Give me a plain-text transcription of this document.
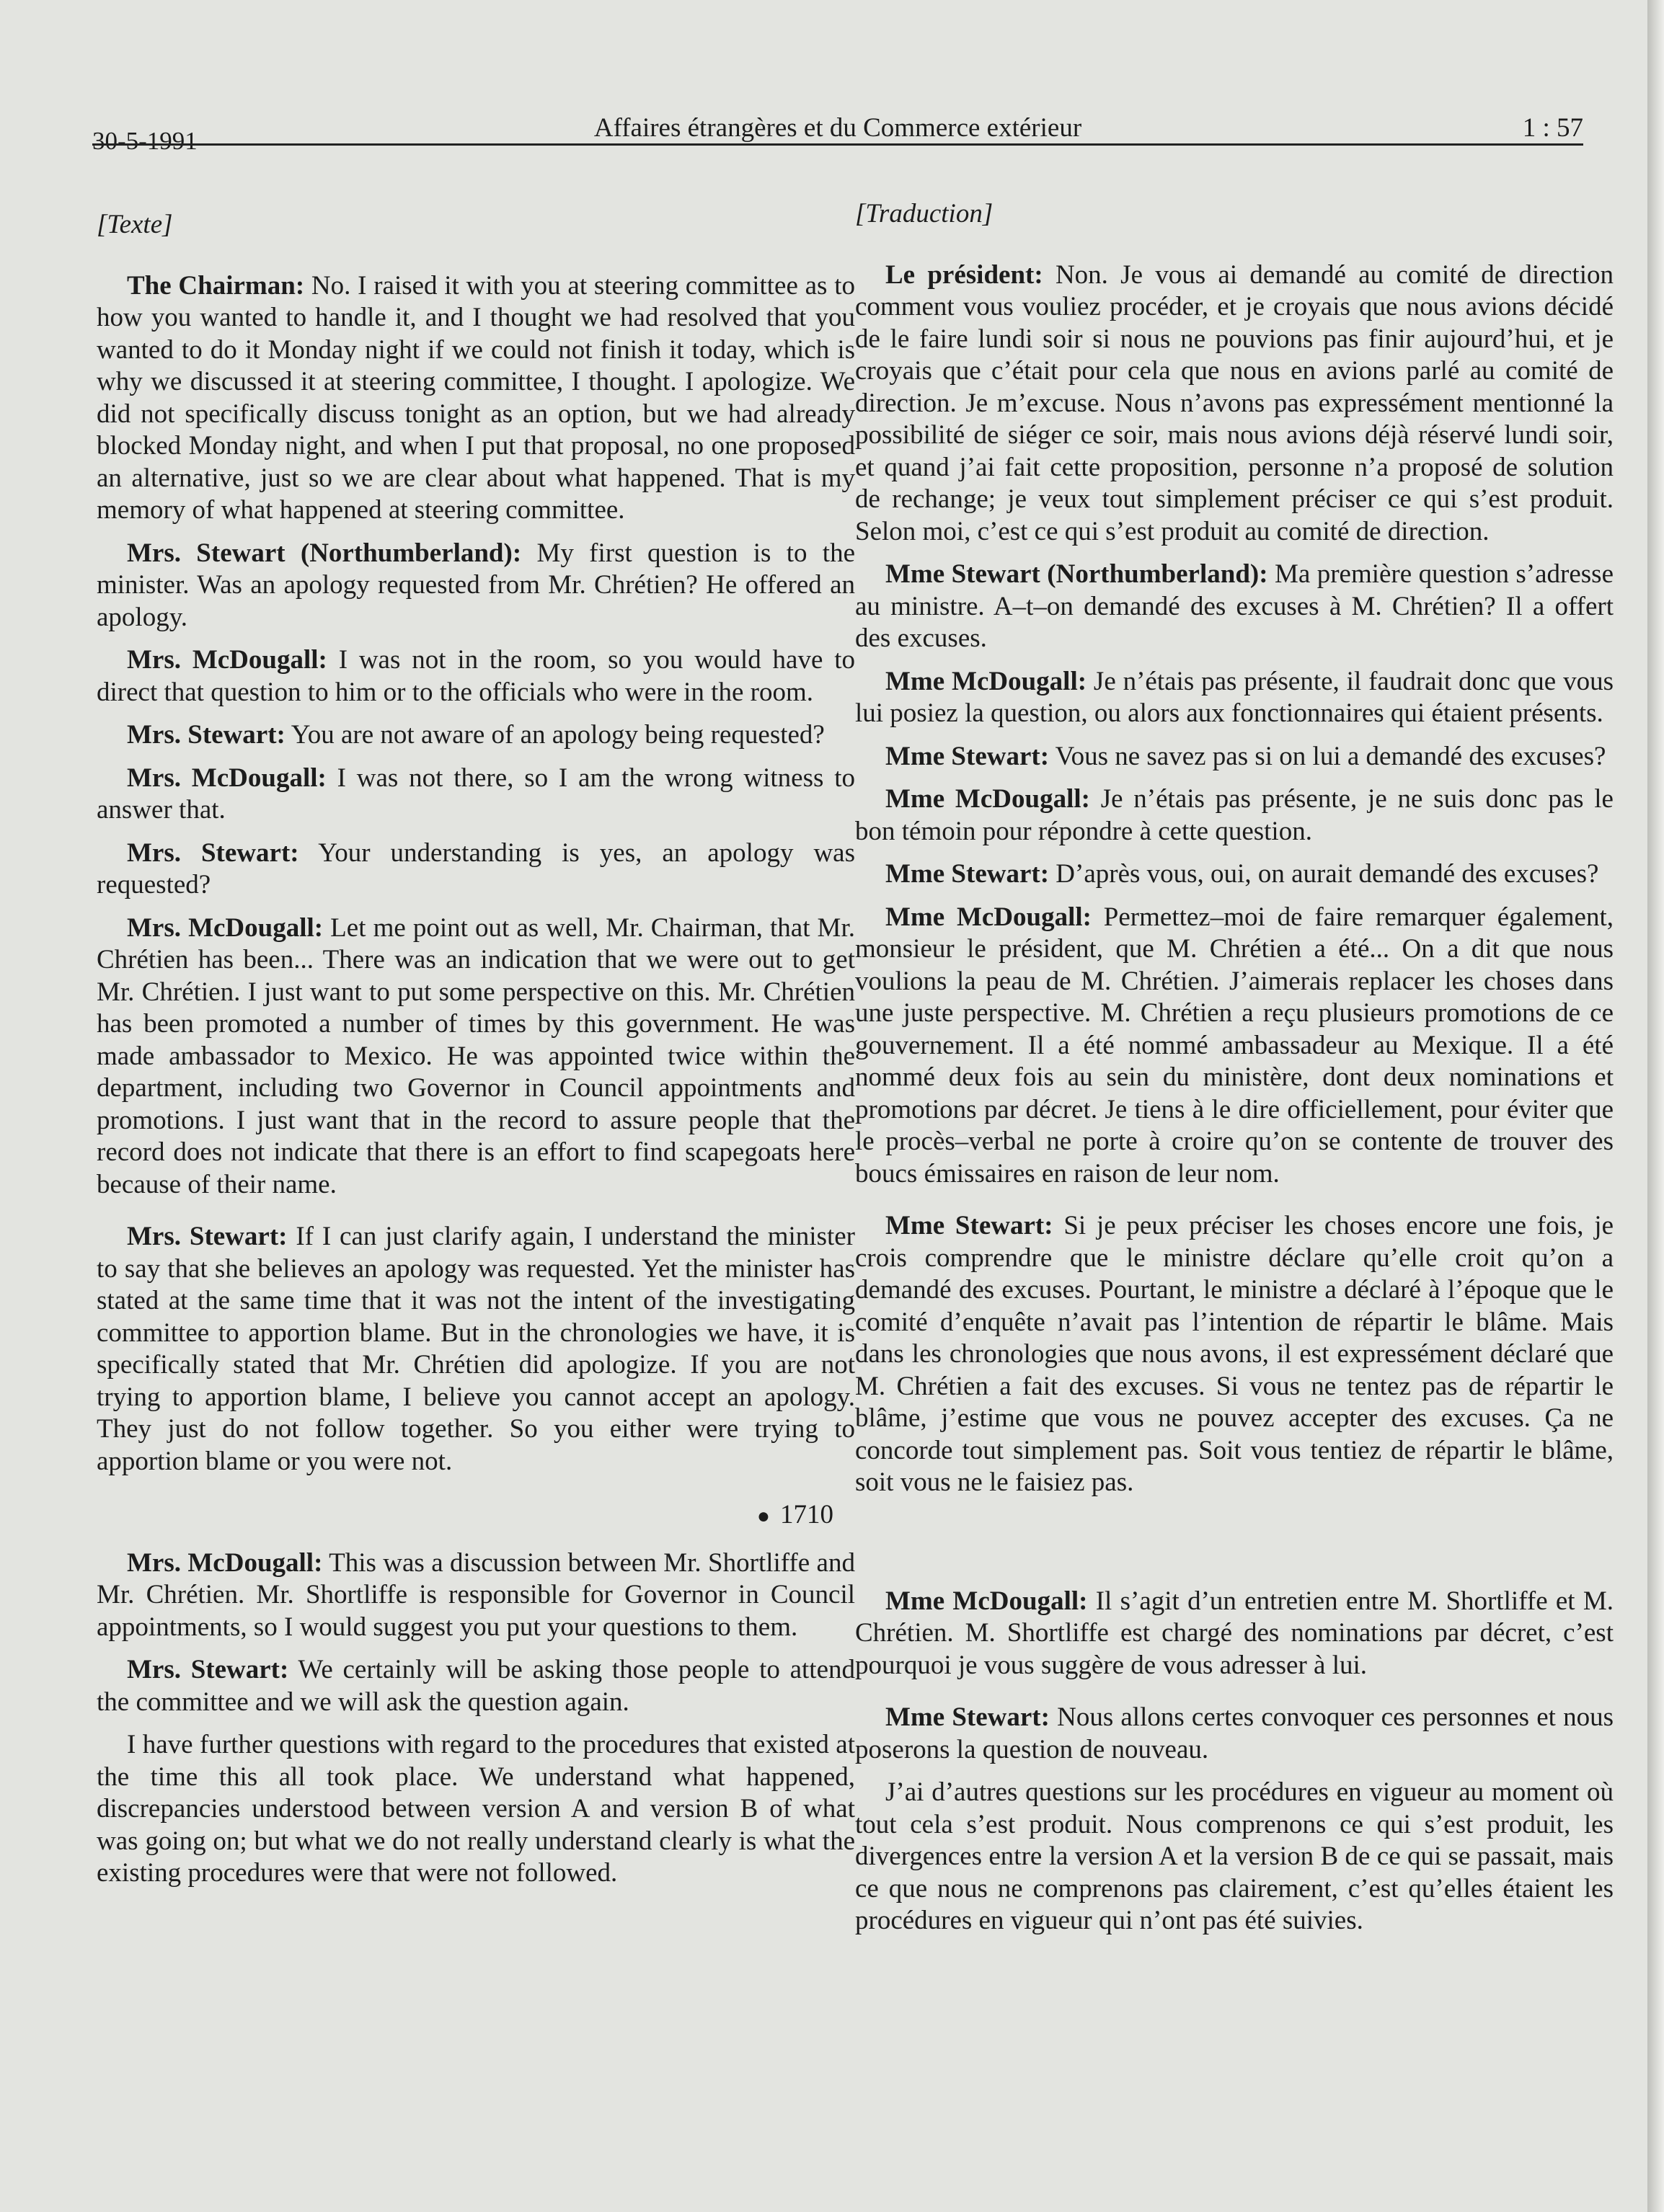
30-5-1991	Affaires étrangères et du Commerce extérieur	1 : 57

[Texte]

The Chairman: No. I raised it with you at steering committee as to how you wanted to handle it, and I thought we had resolved that you wanted to do it Monday night if we could not finish it today, which is why we discussed it at steering committee, I thought. I apologize. We did not specifically discuss tonight as an option, but we had already blocked Monday night, and when I put that proposal, no one proposed an alternative, just so we are clear about what happened. That is my memory of what happened at steering committee.

Mrs. Stewart (Northumberland): My first question is to the minister. Was an apology requested from Mr. Chrétien? He offered an apology.

Mrs. McDougall: I was not in the room, so you would have to direct that question to him or to the officials who were in the room.

Mrs. Stewart: You are not aware of an apology being requested?

Mrs. McDougall: I was not there, so I am the wrong witness to answer that.

Mrs. Stewart: Your understanding is yes, an apology was requested?

Mrs. McDougall: Let me point out as well, Mr. Chairman, that Mr. Chrétien has been... There was an indication that we were out to get Mr. Chrétien. I just want to put some perspective on this. Mr. Chrétien has been promoted a number of times by this government. He was made ambassador to Mexico. He was appointed twice within the department, including two Governor in Council appointments and promotions. I just want that in the record to assure people that the record does not indicate that there is an effort to find scapegoats here because of their name.

Mrs. Stewart: If I can just clarify again, I understand the minister to say that she believes an apology was requested. Yet the minister has stated at the same time that it was not the intent of the investigating committee to apportion blame. But in the chronologies we have, it is specifically stated that Mr. Chrétien did apologize. If you are not trying to apportion blame, I believe you cannot accept an apology. They just do not follow together. So you either were trying to apportion blame or you were not.

● 1710

Mrs. McDougall: This was a discussion between Mr. Shortliffe and Mr. Chrétien. Mr. Shortliffe is responsible for Governor in Council appointments, so I would suggest you put your questions to them.

Mrs. Stewart: We certainly will be asking those people to attend the committee and we will ask the question again.

I have further questions with regard to the procedures that existed at the time this all took place. We understand what happened, discrepancies understood between version A and version B of what was going on; but what we do not really understand clearly is what the existing procedures were that were not followed.

[Traduction]

Le président: Non. Je vous ai demandé au comité de direction comment vous vouliez procéder, et je croyais que nous avions décidé de le faire lundi soir si nous ne pouvions pas finir aujourd’hui, et je croyais que c’était pour cela que nous en avions parlé au comité de direction. Je m’excuse. Nous n’avons pas expressément mentionné la possibilité de siéger ce soir, mais nous avions déjà réservé lundi soir, et quand j’ai fait cette proposition, personne n’a proposé de solution de rechange; je veux tout simplement préciser ce qui s’est produit. Selon moi, c’est ce qui s’est produit au comité de direction.

Mme Stewart (Northumberland): Ma première question s’adresse au ministre. A–t–on demandé des excuses à M. Chrétien? Il a offert des excuses.

Mme McDougall: Je n’étais pas présente, il faudrait donc que vous lui posiez la question, ou alors aux fonctionnaires qui étaient présents.

Mme Stewart: Vous ne savez pas si on lui a demandé des excuses?

Mme McDougall: Je n’étais pas présente, je ne suis donc pas le bon témoin pour répondre à cette question.

Mme Stewart: D’après vous, oui, on aurait demandé des excuses?

Mme McDougall: Permettez–moi de faire remarquer également, monsieur le président, que M. Chrétien a été... On a dit que nous voulions la peau de M. Chrétien. J’aimerais replacer les choses dans une juste perspective. M. Chrétien a reçu plusieurs promotions de ce gouvernement. Il a été nommé ambassadeur au Mexique. Il a été nommé deux fois au sein du ministère, dont deux nominations et promotions par décret. Je tiens à le dire officiellement, pour éviter que le procès–verbal ne porte à croire qu’on se contente de trouver des boucs émissaires en raison de leur nom.

Mme Stewart: Si je peux préciser les choses encore une fois, je crois comprendre que le ministre déclare qu’elle croit qu’on a demandé des excuses. Pourtant, le ministre a déclaré à l’époque que le comité d’enquête n’avait pas l’intention de répartir le blâme. Mais dans les chronologies que nous avons, il est expressément déclaré que M. Chrétien a fait des excuses. Si vous ne tentez pas de répartir le blâme, j’estime que vous ne pouvez accepter des excuses. Ça ne concorde tout simplement pas. Soit vous tentiez de répartir le blâme, soit vous ne le faisiez pas.

Mme McDougall: Il s’agit d’un entretien entre M. Shortliffe et M. Chrétien. M. Shortliffe est chargé des nominations par décret, c’est pourquoi je vous suggère de vous adresser à lui.

Mme Stewart: Nous allons certes convoquer ces personnes et nous poserons la question de nouveau.

J’ai d’autres questions sur les procédures en vigueur au moment où tout cela s’est produit. Nous comprenons ce qui s’est produit, les divergences entre la version A et la version B de ce qui se passait, mais ce que nous ne comprenons pas clairement, c’est qu’elles étaient les procédures en vigueur qui n’ont pas été suivies.
